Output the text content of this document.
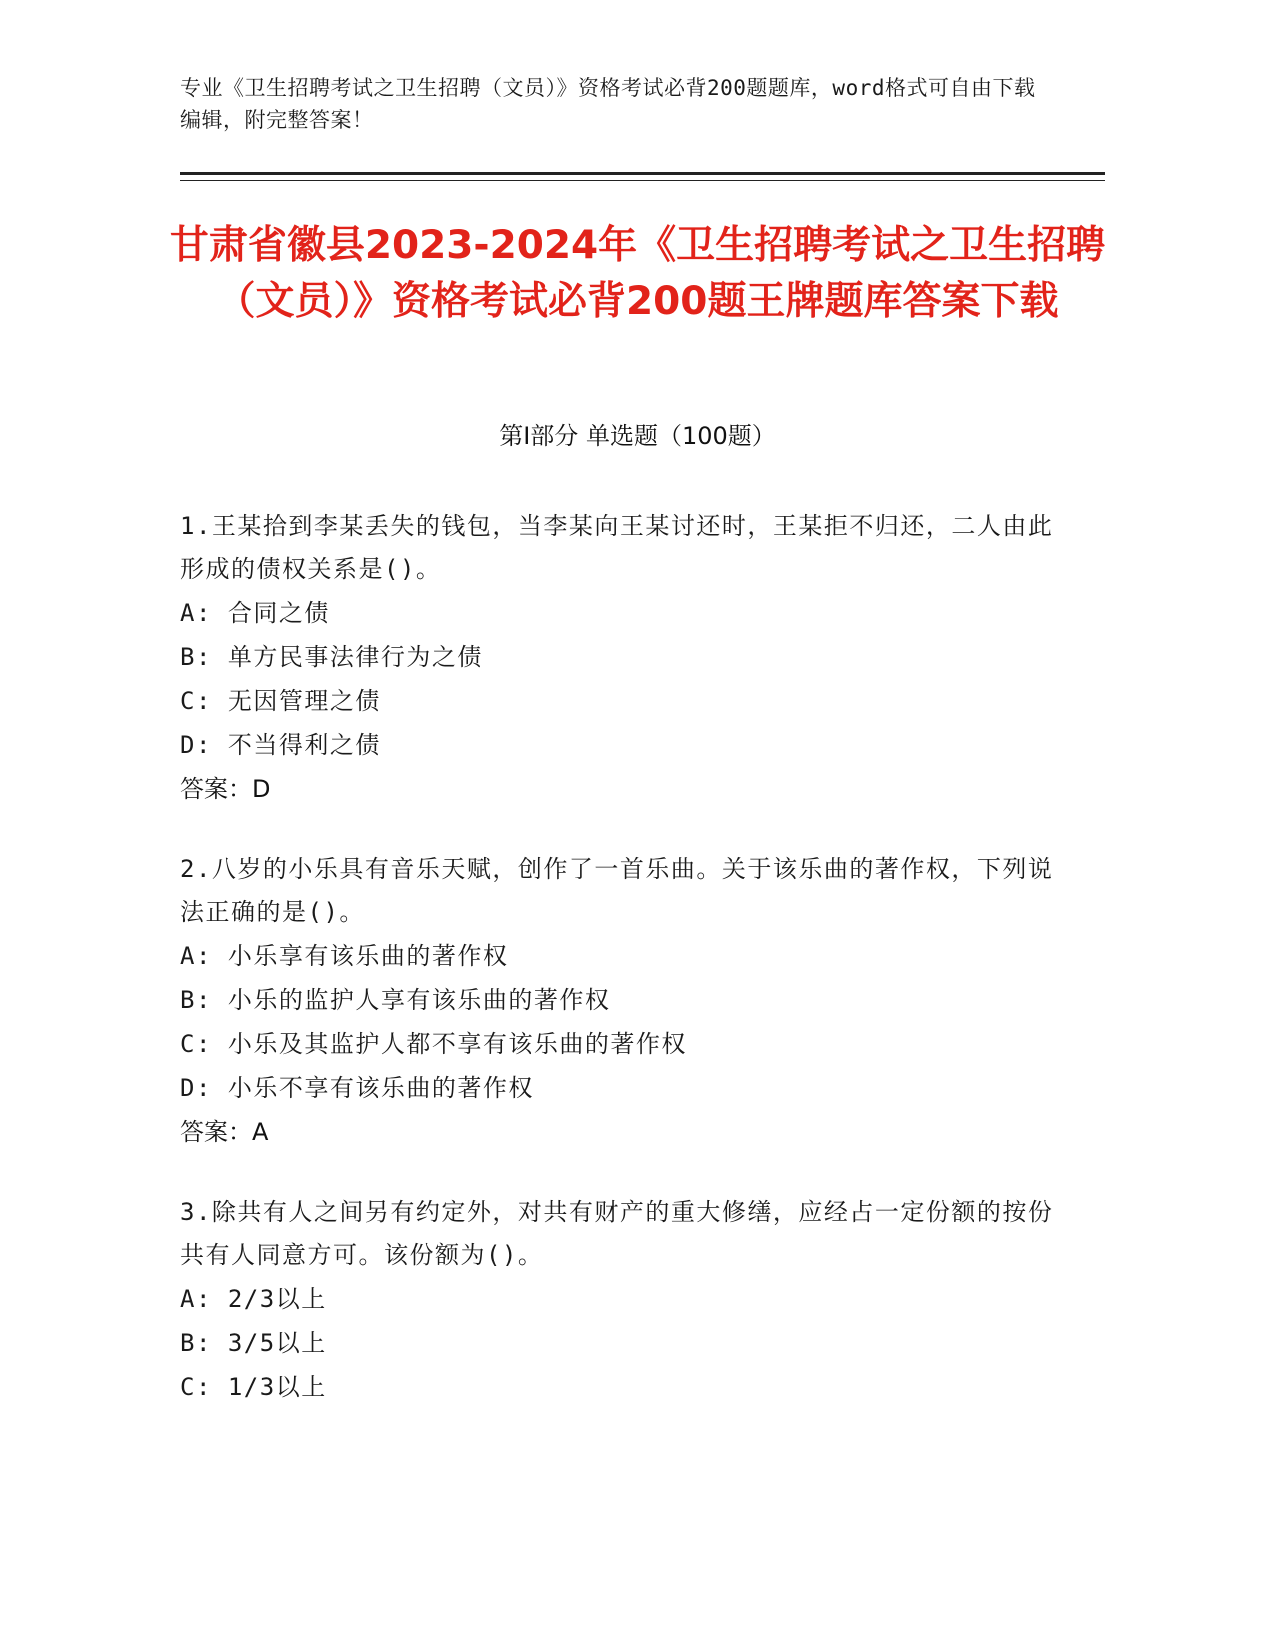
专业《卫生招聘考试之卫生招聘（文员）》资格考试必背200题题库，word格式可自由下载编辑，附完整答案！
甘肃省徽县2023-2024年《卫生招聘考试之卫生招聘（文员）》资格考试必背200题王牌题库答案下载
第Ⅰ部分 单选题（100题）
1.王某拾到李某丢失的钱包，当李某向王某讨还时，王某拒不归还，二人由此形成的债权关系是()。
A: 合同之债
B: 单方民事法律行为之债
C: 无因管理之债
D: 不当得利之债
答案：D
2.八岁的小乐具有音乐天赋，创作了一首乐曲。关于该乐曲的著作权，下列说法正确的是()。
A: 小乐享有该乐曲的著作权
B: 小乐的监护人享有该乐曲的著作权
C: 小乐及其监护人都不享有该乐曲的著作权
D: 小乐不享有该乐曲的著作权
答案：A
3.除共有人之间另有约定外，对共有财产的重大修缮，应经占一定份额的按份共有人同意方可。该份额为()。
A: 2/3以上
B: 3/5以上
C: 1/3以上
